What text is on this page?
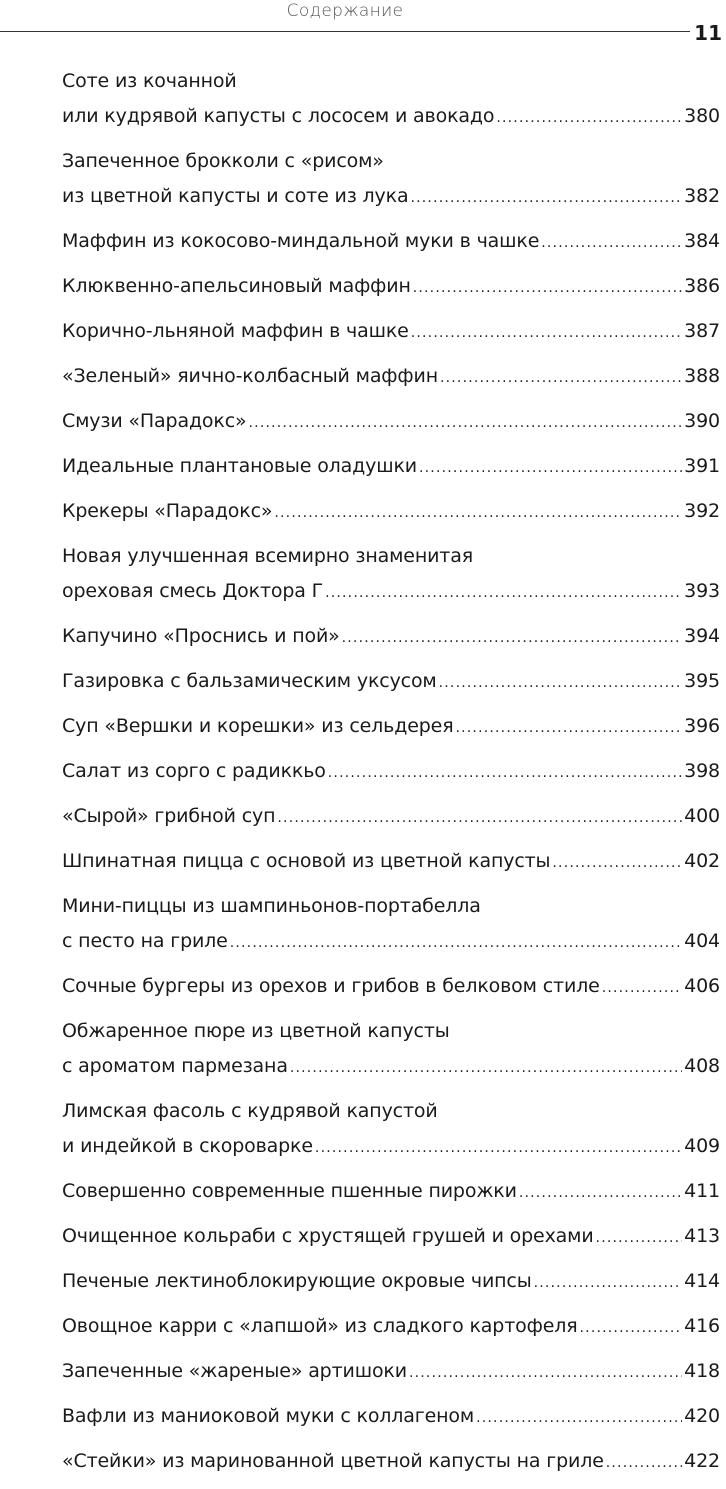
Содержание
11
Соте из кочанной
или кудрявой капусты с лососем и авокадо .....	380
Запеченное брокколи с «рисом»
из цветной капусты и соте из лука .....	382
Маффин из кокосово-миндальной муки в чашке .....	384
Клюквенно-апельсиновый маффин .....	386
Корично-льняной маффин в чашке .....	387
«Зеленый» яично-колбасный маффин .....	388
Смузи «Парадокс» .....	390
Идеальные плантановые оладушки .....	391
Крекеры «Парадокс» .....	392
Новая улучшенная всемирно знаменитая
ореховая смесь Доктора Г .....	393
Капучино «Проснись и пой» .....	394
Газировка с бальзамическим уксусом .....	395
Суп «Вершки и корешки» из сельдерея .....	396
Салат из сорго с радиккьо .....	398
«Сырой» грибной суп .....	400
Шпинатная пицца с основой из цветной капусты .....	402
Мини-пиццы из шампиньонов-портабелла
с песто на гриле .....	404
Сочные бургеры из орехов и грибов в белковом стиле .....	406
Обжаренное пюре из цветной капусты
с ароматом пармезана .....	408
Лимская фасоль с кудрявой капустой
и индейкой в скороварке .....	409
Совершенно современные пшенные пирожки .....	411
Очищенное кольраби с хрустящей грушей и орехами .....	413
Печеные лектиноблокирующие окровые чипсы .....	414
Овощное карри с «лапшой» из сладкого картофеля .....	416
Запеченные «жареные» артишоки .....	418
Вафли из маниоковой муки с коллагеном .....	420
«Стейки» из маринованной цветной капусты на гриле .....	422
